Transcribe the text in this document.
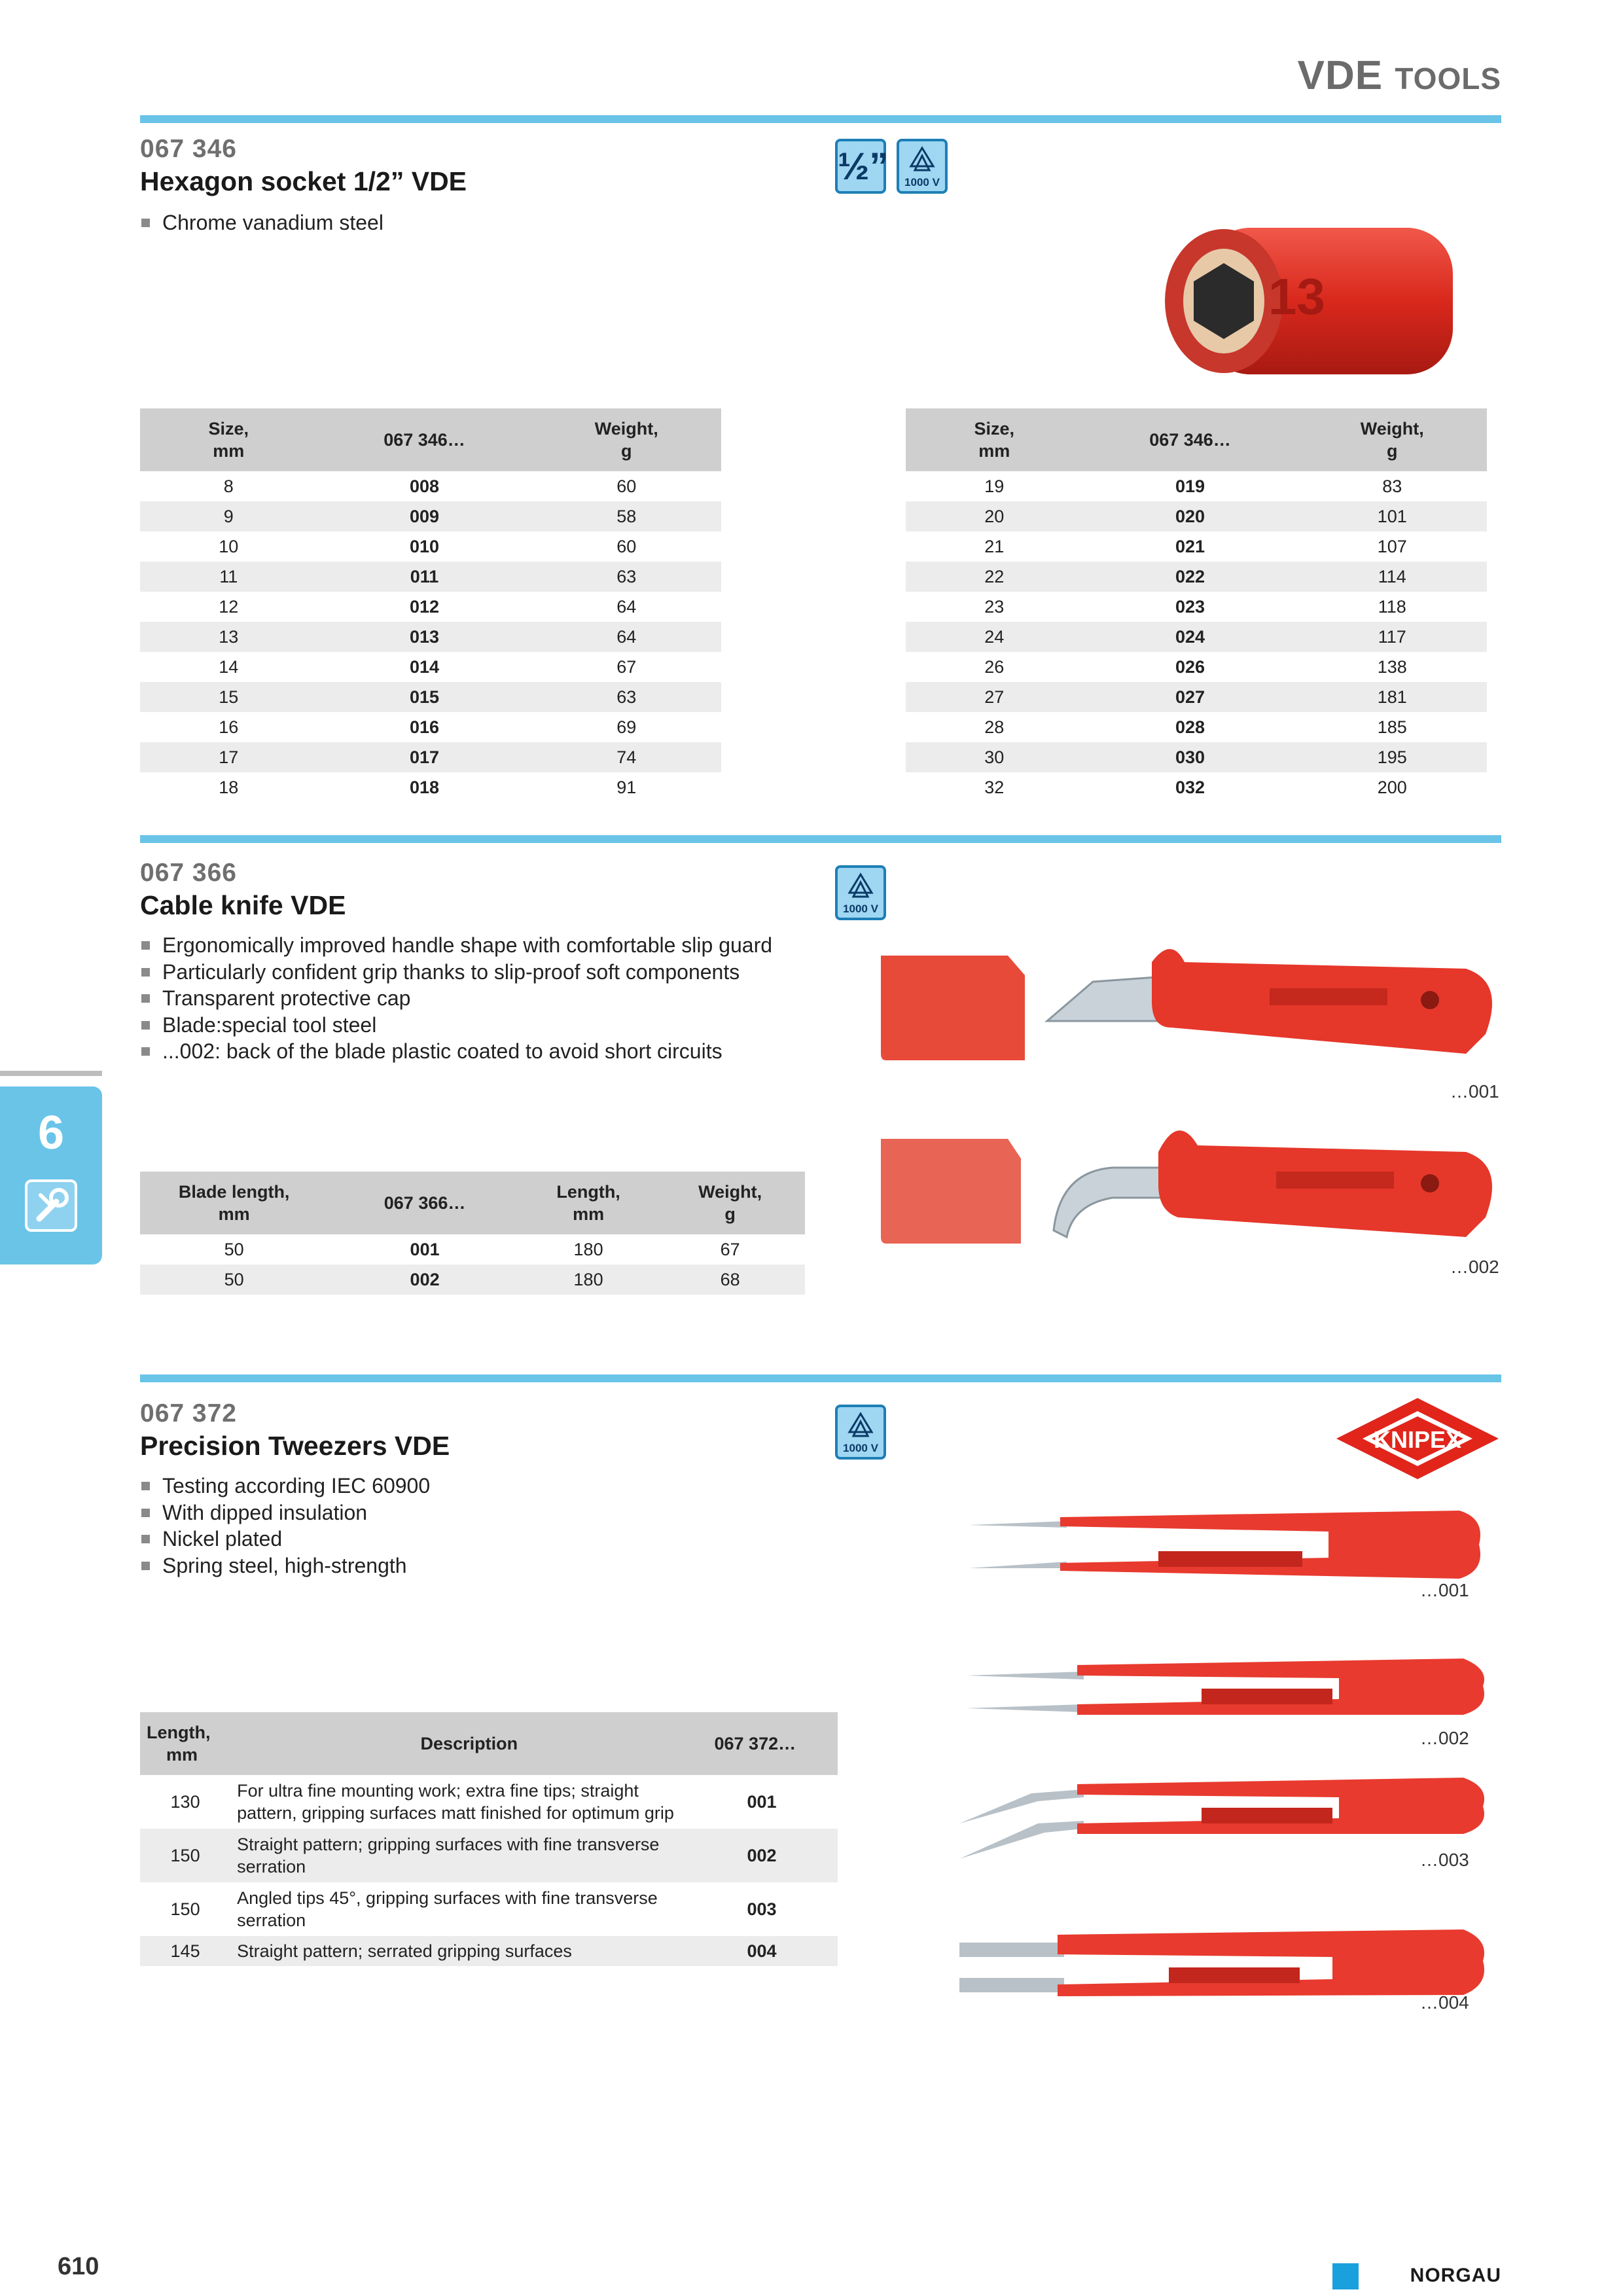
VDE TOOLS
067 346
Hexagon socket 1/2” VDE
Chrome vanadium steel
½”	1000 V
13
Size,
mm	067 346…	Weight,
g
8	008	60
9	009	58
10	010	60
11	011	63
12	012	64
13	013	64
14	014	67
15	015	63
16	016	69
17	017	74
18	018	91
Size,
mm	067 346…	Weight,
g
19	019	83
20	020	101
21	021	107
22	022	114
23	023	118
24	024	117
26	026	138
27	027	181
28	028	185
30	030	195
32	032	200
067 366
Cable knife VDE
Ergonomically improved handle shape with comfortable slip guard
Particularly confident grip thanks to slip-proof soft components
Transparent protective cap
Blade:special tool steel
...002: back of the blade plastic coated to avoid short circuits
1000 V
…001
…002
Blade length,
mm	067 366…	Length,
mm	Weight,
g
50	001	180	67
50	002	180	68
067 372
Precision Tweezers VDE
Testing according IEC 60900
With dipped insulation
Nickel plated
Spring steel, high-strength
1000 V	KNIPEX
…001
…002
…003
…004
Length,
mm	Description	067 372…
130	For ultra fine mounting work; extra fine tips; straight
pattern, gripping surfaces matt finished for optimum grip	001
150	Straight pattern; gripping surfaces with fine transverse
serration	002
150	Angled tips 45°, gripping surfaces with fine transverse
serration	003
145	Straight pattern; serrated gripping surfaces	004
6
610	NORGAU
